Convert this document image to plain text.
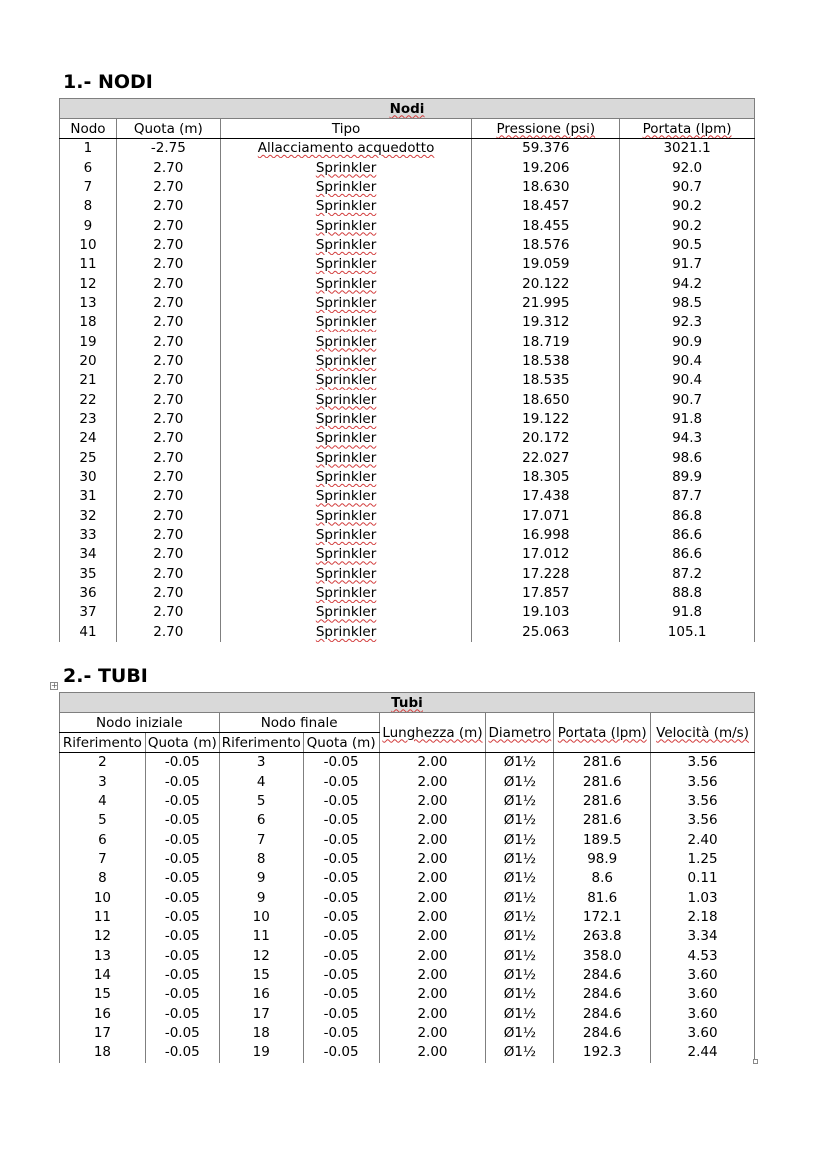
1.- NODI
Nodi				
Nodo	Quota (m)	Tipo	Pressione (psi)	Portata (lpm)
1	-2.75	Allacciamento acquedotto	59.376	3021.1
6	2.70	Sprinkler	19.206	92.0
7	2.70	Sprinkler	18.630	90.7
8	2.70	Sprinkler	18.457	90.2
9	2.70	Sprinkler	18.455	90.2
10	2.70	Sprinkler	18.576	90.5
11	2.70	Sprinkler	19.059	91.7
12	2.70	Sprinkler	20.122	94.2
13	2.70	Sprinkler	21.995	98.5
18	2.70	Sprinkler	19.312	92.3
19	2.70	Sprinkler	18.719	90.9
20	2.70	Sprinkler	18.538	90.4
21	2.70	Sprinkler	18.535	90.4
22	2.70	Sprinkler	18.650	90.7
23	2.70	Sprinkler	19.122	91.8
24	2.70	Sprinkler	20.172	94.3
25	2.70	Sprinkler	22.027	98.6
30	2.70	Sprinkler	18.305	89.9
31	2.70	Sprinkler	17.438	87.7
32	2.70	Sprinkler	17.071	86.8
33	2.70	Sprinkler	16.998	86.6
34	2.70	Sprinkler	17.012	86.6
35	2.70	Sprinkler	17.228	87.2
36	2.70	Sprinkler	17.857	88.8
37	2.70	Sprinkler	19.103	91.8
41	2.70	Sprinkler	25.063	105.1
+ 2.- TUBI
Tubi							
Nodo iniziale		Nodo finale		Lunghezza (m)	Diametro	Portata (lpm)	Velocità (m/s)
Riferimento	Quota (m)	Riferimento	Quota (m)				
2	-0.05	3	-0.05	2.00	Ø1½	281.6	3.56
3	-0.05	4	-0.05	2.00	Ø1½	281.6	3.56
4	-0.05	5	-0.05	2.00	Ø1½	281.6	3.56
5	-0.05	6	-0.05	2.00	Ø1½	281.6	3.56
6	-0.05	7	-0.05	2.00	Ø1½	189.5	2.40
7	-0.05	8	-0.05	2.00	Ø1½	98.9	1.25
8	-0.05	9	-0.05	2.00	Ø1½	8.6	0.11
10	-0.05	9	-0.05	2.00	Ø1½	81.6	1.03
11	-0.05	10	-0.05	2.00	Ø1½	172.1	2.18
12	-0.05	11	-0.05	2.00	Ø1½	263.8	3.34
13	-0.05	12	-0.05	2.00	Ø1½	358.0	4.53
14	-0.05	15	-0.05	2.00	Ø1½	284.6	3.60
15	-0.05	16	-0.05	2.00	Ø1½	284.6	3.60
16	-0.05	17	-0.05	2.00	Ø1½	284.6	3.60
17	-0.05	18	-0.05	2.00	Ø1½	284.6	3.60
18	-0.05	19	-0.05	2.00	Ø1½	192.3	2.44
